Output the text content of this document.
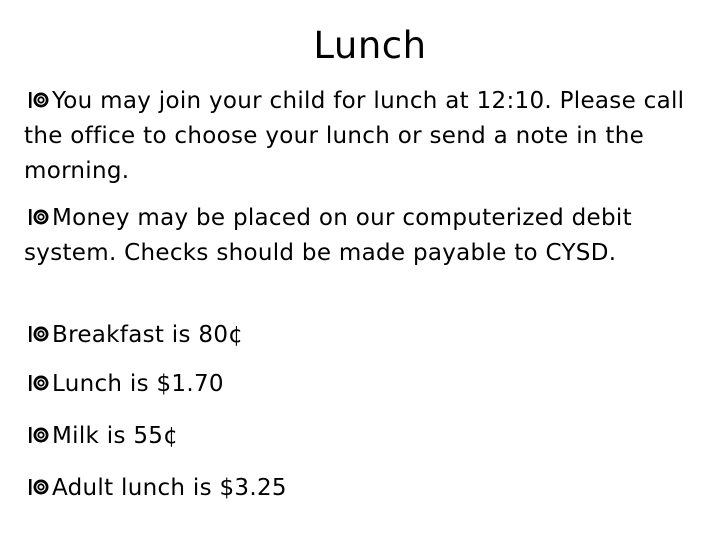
Lunch
You may join your child for lunch at 12:10. Please call the office to choose your lunch or send a note in the morning.
Money may be placed on our computerized debit system. Checks should be made payable to CYSD.
Breakfast is 80¢
Lunch is $1.70
Milk is 55¢
Adult lunch is $3.25
